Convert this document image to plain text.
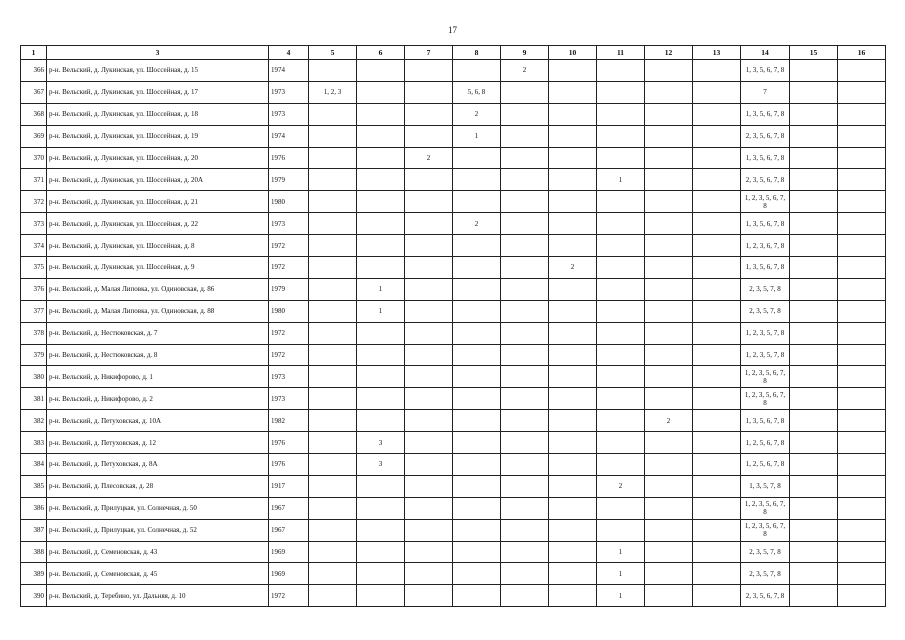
17
1	3	4	5	6	7	8	9	10	11	12	13	14	15	16
366	р-н. Вельский, д. Лукинская, ул. Шоссейная, д. 15	1974					2					1, 3, 5, 6, 7, 8		
367	р-н. Вельский, д. Лукинская, ул. Шоссейная, д. 17	1973	1, 2, 3			5, 6, 8						7		
368	р-н. Вельский, д. Лукинская, ул. Шоссейная, д. 18	1973				2						1, 3, 5, 6, 7, 8		
369	р-н. Вельский, д. Лукинская, ул. Шоссейная, д. 19	1974				1						2, 3, 5, 6, 7, 8		
370	р-н. Вельский, д. Лукинская, ул. Шоссейная, д. 20	1976			2							1, 3, 5, 6, 7, 8		
371	р-н. Вельский, д. Лукинская, ул. Шоссейная, д. 20А	1979							1			2, 3, 5, 6, 7, 8		
372	р-н. Вельский, д. Лукинская, ул. Шоссейная, д. 21	1980										1, 2, 3, 5, 6, 7, 8		
373	р-н. Вельский, д. Лукинская, ул. Шоссейная, д. 22	1973				2						1, 3, 5, 6, 7, 8		
374	р-н. Вельский, д. Лукинская, ул. Шоссейная, д. 8	1972										1, 2, 3, 6, 7, 8		
375	р-н. Вельский, д. Лукинская, ул. Шоссейная, д. 9	1972						2				1, 3, 5, 6, 7, 8		
376	р-н. Вельский, д. Малая Липовка, ул. Одиновская, д. 86	1979		1								2, 3, 5, 7, 8		
377	р-н. Вельский, д. Малая Липовка, ул. Одиновская, д. 88	1980		1								2, 3, 5, 7, 8		
378	р-н. Вельский, д. Нестюковская, д. 7	1972										1, 2, 3, 5, 7, 8		
379	р-н. Вельский, д. Нестюковская, д. 8	1972										1, 2, 3, 5, 7, 8		
380	р-н. Вельский, д. Никифорово, д. 1	1973										1, 2, 3, 5, 6, 7, 8		
381	р-н. Вельский, д. Никифорово, д. 2	1973										1, 2, 3, 5, 6, 7, 8		
382	р-н. Вельский, д. Петуховская, д. 10А	1982								2		1, 3, 5, 6, 7, 8		
383	р-н. Вельский, д. Петуховская, д. 12	1976		3								1, 2, 5, 6, 7, 8		
384	р-н. Вельский, д. Петуховская, д. 8А	1976		3								1, 2, 5, 6, 7, 8		
385	р-н. Вельский, д. Плесовская, д. 28	1917							2			1, 3, 5, 7, 8		
386	р-н. Вельский, д. Прилуцкая, ул. Солнечная, д. 50	1967										1, 2, 3, 5, 6, 7, 8		
387	р-н. Вельский, д. Прилуцкая, ул. Солнечная, д. 52	1967										1, 2, 3, 5, 6, 7, 8		
388	р-н. Вельский, д. Семеновская, д. 43	1969							1			2, 3, 5, 7, 8		
389	р-н. Вельский, д. Семеновская, д. 45	1969							1			2, 3, 5, 7, 8		
390	р-н. Вельский, д. Теребино, ул. Дальняя, д. 10	1972							1			2, 3, 5, 6, 7, 8		
